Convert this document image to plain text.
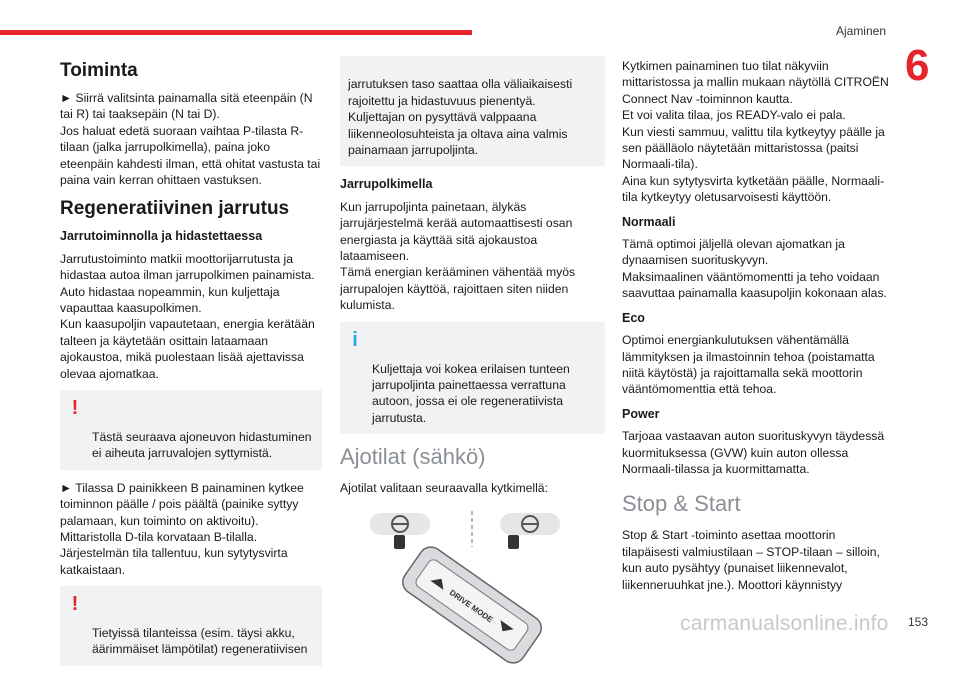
Ajaminen
6
Toiminta
► Siirrä valitsinta painamalla sitä eteenpäin (N tai R) tai taaksepäin (N tai D).
Jos haluat edetä suoraan vaihtaa P-tilasta R-tilaan (jalka jarrupolkimella), paina joko eteenpäin kahdesti ilman, että ohitat vastusta tai paina vain kerran ohittaen vastuksen.
Regeneratiivinen jarrutus
Jarrutoiminnolla ja hidastettaessa
Jarrutustoiminto matkii moottorijarrutusta ja hidastaa autoa ilman jarrupolkimen painamista. Auto hidastaa nopeammin, kun kuljettaja vapauttaa kaasupolkimen.
Kun kaasupoljin vapautetaan, energia kerätään talteen ja käytetään osittain lataamaan ajokaustoa, mikä puolestaan lisää ajettavissa olevaa ajomatkaa.

!

Tästä seuraava ajoneuvon hidastuminen ei aiheuta jarruvalojen syttymistä.

► Tilassa D painikkeen B painaminen kytkee toiminnon päälle / pois päältä (painike syttyy palamaan, kun toiminto on aktivoitu).
Mittaristolla D-tila korvataan B-tilalla.
Järjestelmän tila tallentuu, kun sytytysvirta katkaistaan.

!

Tietyissä tilanteissa (esim. täysi akku, äärimmäiset lämpötilat) regeneratiivisen

jarrutuksen taso saattaa olla väliaikaisesti rajoitettu ja hidastuvuus pienentyä.
Kuljettajan on pysyttävä valppaana liikenneolosuhteista ja oltava aina valmis painamaan jarrupoljinta.

Jarrupolkimella
Kun jarrupoljinta painetaan, älykäs jarrujärjestelmä kerää automaattisesti osan energiasta ja käyttää sitä ajokaustoa lataamiseen.
Tämä energian kerääminen vähentää myös jarrupalojen käyttöä, rajoittaen siten niiden kulumista.

i

Kuljettaja voi kokea erilaisen tunteen jarrupoljinta painettaessa verrattuna autoon, jossa ei ole regeneratiivista jarrutusta.

Ajotilat (sähkö)
Ajotilat valitaan seuraavalla kytkimellä:
DRIVE MODE
Kytkimen painaminen tuo tilat näkyviin mittaristossa ja mallin mukaan näytöllä CITROËN Connect Nav -toiminnon kautta.
Et voi valita tilaa, jos READY-valo ei pala.
Kun viesti sammuu, valittu tila kytkeytyy päälle ja sen päälläolo näytetään mittaristossa (paitsi Normaali-tila).
Aina kun sytytysvirta kytketään päälle, Normaali-tila kytkeytyy oletusarvoisesti käyttöön.
Normaali
Tämä optimoi jäljellä olevan ajomatkan ja dynaamisen suorituskyvyn.
Maksimaalinen vääntömomentti ja teho voidaan saavuttaa painamalla kaasupoljin kokonaan alas.
Eco
Optimoi energiankulutuksen vähentämällä lämmityksen ja ilmastoinnin tehoa (poistamatta niitä käytöstä) ja rajoittamalla sekä moottorin vääntömomenttia että tehoa.
Power
Tarjoaa vastaavan auton suorituskyvyn täydessä kuormituksessa (GVW) kuin auton ollessa Normaali-tilassa ja kuormittamatta.
Stop & Start
Stop & Start -toiminto asettaa moottorin tilapäisesti valmiustilaan – STOP-tilaan – silloin, kun auto pysähtyy (punaiset liikennevalot, liikenneruuhkat jne.). Moottori käynnistyy
carmanualsonline.info 153
